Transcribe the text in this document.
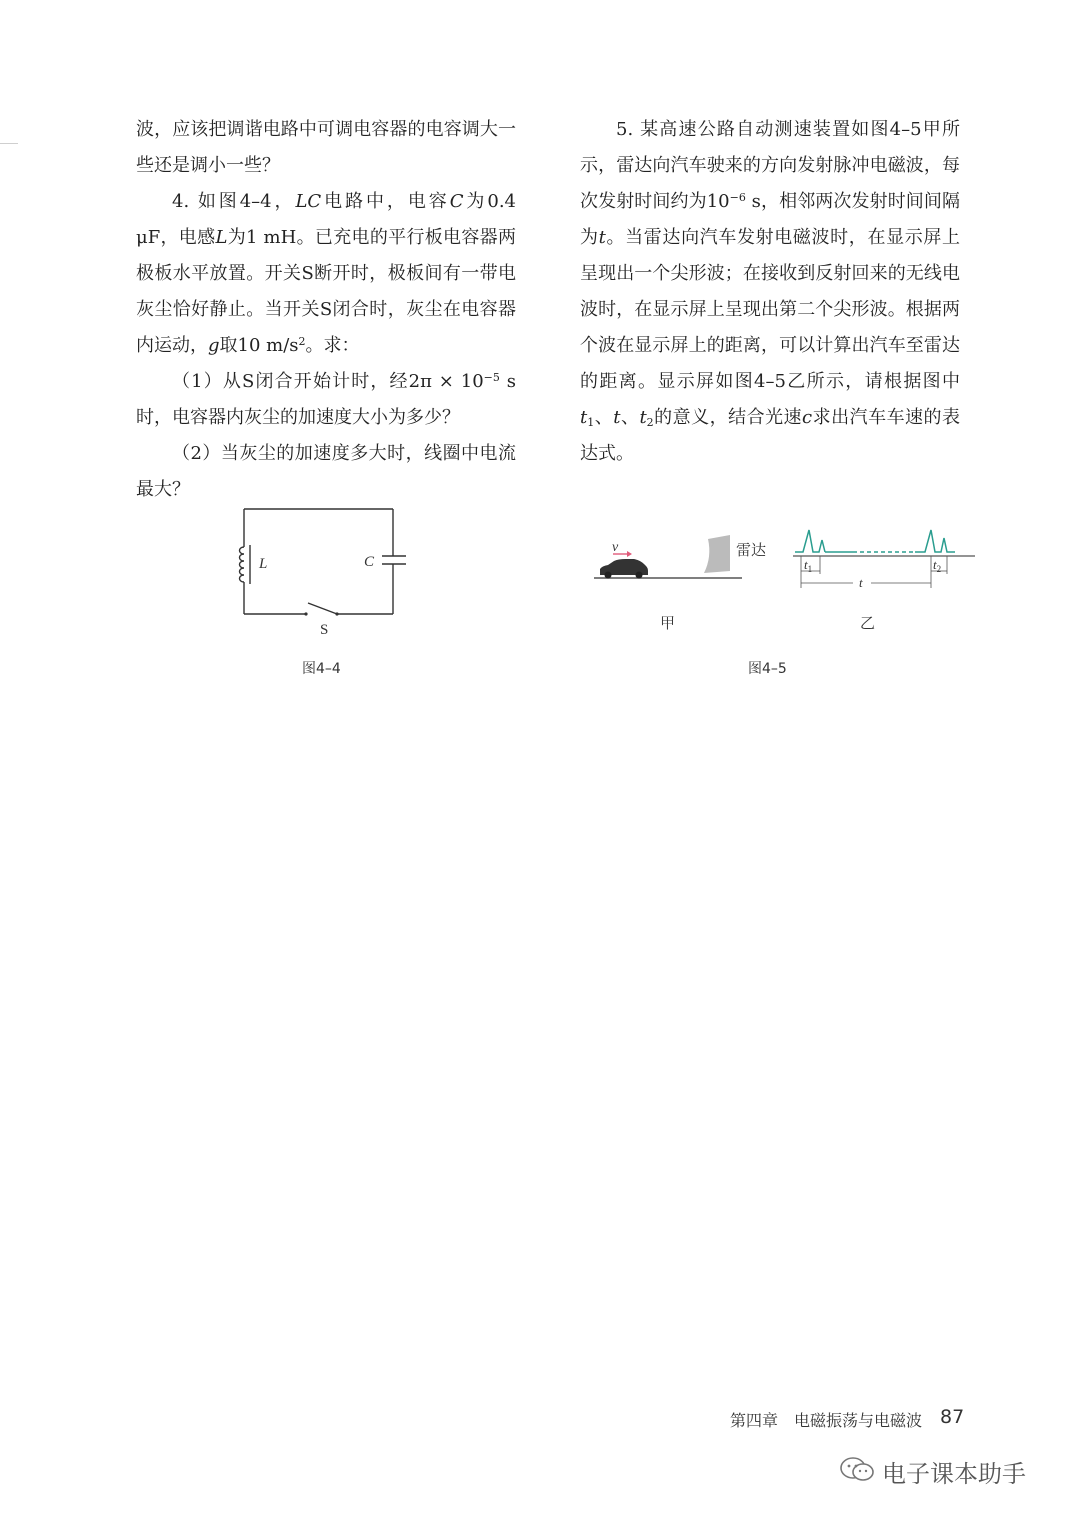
波，应该把调谐电路中可调电容器的电容调大一些还是调小一些？

4. 如图4–4，LC电路中，电容C为0.4 μF，电感L为1 mH。已充电的平行板电容器两极板水平放置。开关S断开时，极板间有一带电灰尘恰好静止。当开关S闭合时，灰尘在电容器内运动，g取10 $m/s^2$。求：

（1）从S闭合开始计时，经$2\pi \times 10^{-5}$ s时，电容器内灰尘的加速度大小为多少？

（2）当灰尘的加速度多大时，线圈中电流最大？

5. 某高速公路自动测速装置如图4–5甲所示，雷达向汽车驶来的方向发射脉冲电磁波，每次发射时间约为$10^{-6}$ s，相邻两次发射时间间隔为t。当雷达向汽车发射电磁波时，在显示屏上呈现出一个尖形波；在接收到反射回来的无线电波时，在显示屏上呈现出第二个尖形波。根据两个波在显示屏上的距离，可以计算出汽车至雷达的距离。显示屏如图4–5乙所示，请根据图中$t_1$、t、$t_2$的意义，结合光速c求出汽车车速的表达式。

L	C
S
图4–4
v	雷达
$t_1$
t
$t_2$
甲	乙
图4–5
第四章　电磁振荡与电磁波 87
电子课本助手
